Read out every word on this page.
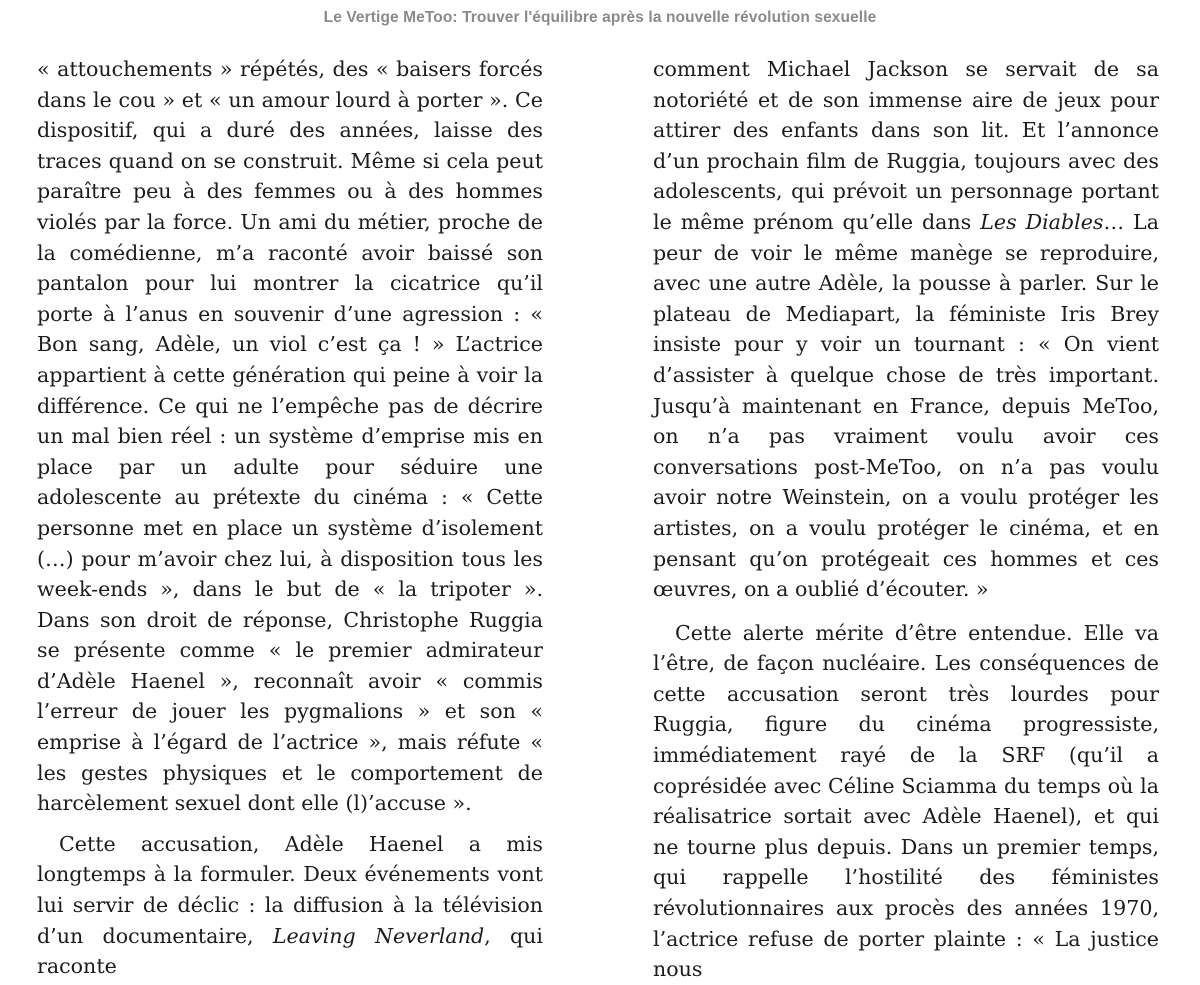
Le Vertige MeToo: Trouver l'équilibre après la nouvelle révolution sexuelle

« attouchements » répétés, des « baisers forcés dans le cou » et « un amour lourd à porter ». Ce dispositif, qui a duré des années, laisse des traces quand on se construit. Même si cela peut paraître peu à des femmes ou à des hommes violés par la force. Un ami du métier, proche de la comédienne, m’a raconté avoir baissé son pantalon pour lui montrer la cicatrice qu’il porte à l’anus en souvenir d’une agression : « Bon sang, Adèle, un viol c’est ça ! » L’actrice appartient à cette génération qui peine à voir la différence. Ce qui ne l’empêche pas de décrire un mal bien réel : un système d’emprise mis en place par un adulte pour séduire une adolescente au prétexte du cinéma : « Cette personne met en place un système d’isolement (…) pour m’avoir chez lui, à disposition tous les week-ends », dans le but de « la tripoter ». Dans son droit de réponse, Christophe Ruggia se présente comme « le premier admirateur d’Adèle Haenel », reconnaît avoir « commis l’erreur de jouer les pygmalions » et son « emprise à l’égard de l’actrice », mais réfute « les gestes physiques et le comportement de harcèlement sexuel dont elle (l)’accuse ».

Cette accusation, Adèle Haenel a mis longtemps à la formuler. Deux événements vont lui servir de déclic : la diffusion à la télévision d’un documentaire, Leaving Neverland, qui raconte

comment Michael Jackson se servait de sa notoriété et de son immense aire de jeux pour attirer des enfants dans son lit. Et l’annonce d’un prochain film de Ruggia, toujours avec des adolescents, qui prévoit un personnage portant le même prénom qu’elle dans Les Diables… La peur de voir le même manège se reproduire, avec une autre Adèle, la pousse à parler. Sur le plateau de Mediapart, la féministe Iris Brey insiste pour y voir un tournant : « On vient d’assister à quelque chose de très important. Jusqu’à maintenant en France, depuis MeToo, on n’a pas vraiment voulu avoir ces conversations post-MeToo, on n’a pas voulu avoir notre Weinstein, on a voulu protéger les artistes, on a voulu protéger le cinéma, et en pensant qu’on protégeait ces hommes et ces œuvres, on a oublié d’écouter. »

Cette alerte mérite d’être entendue. Elle va l’être, de façon nucléaire. Les conséquences de cette accusation seront très lourdes pour Ruggia, figure du cinéma progressiste, immédiatement rayé de la SRF (qu’il a coprésidée avec Céline Sciamma du temps où la réalisatrice sortait avec Adèle Haenel), et qui ne tourne plus depuis. Dans un premier temps, qui rappelle l’hostilité des féministes révolutionnaires aux procès des années 1970, l’actrice refuse de porter plainte : « La justice nous
